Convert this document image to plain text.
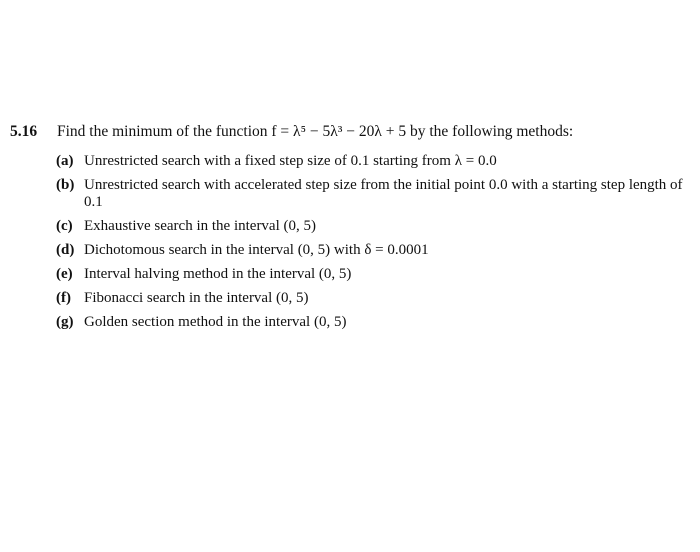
5.16 Find the minimum of the function f = λ⁵ − 5λ³ − 20λ + 5 by the following methods:
(a) Unrestricted search with a fixed step size of 0.1 starting from λ = 0.0
(b) Unrestricted search with accelerated step size from the initial point 0.0 with a starting step length of 0.1
(c) Exhaustive search in the interval (0, 5)
(d) Dichotomous search in the interval (0, 5) with δ = 0.0001
(e) Interval halving method in the interval (0, 5)
(f) Fibonacci search in the interval (0, 5)
(g) Golden section method in the interval (0, 5)
